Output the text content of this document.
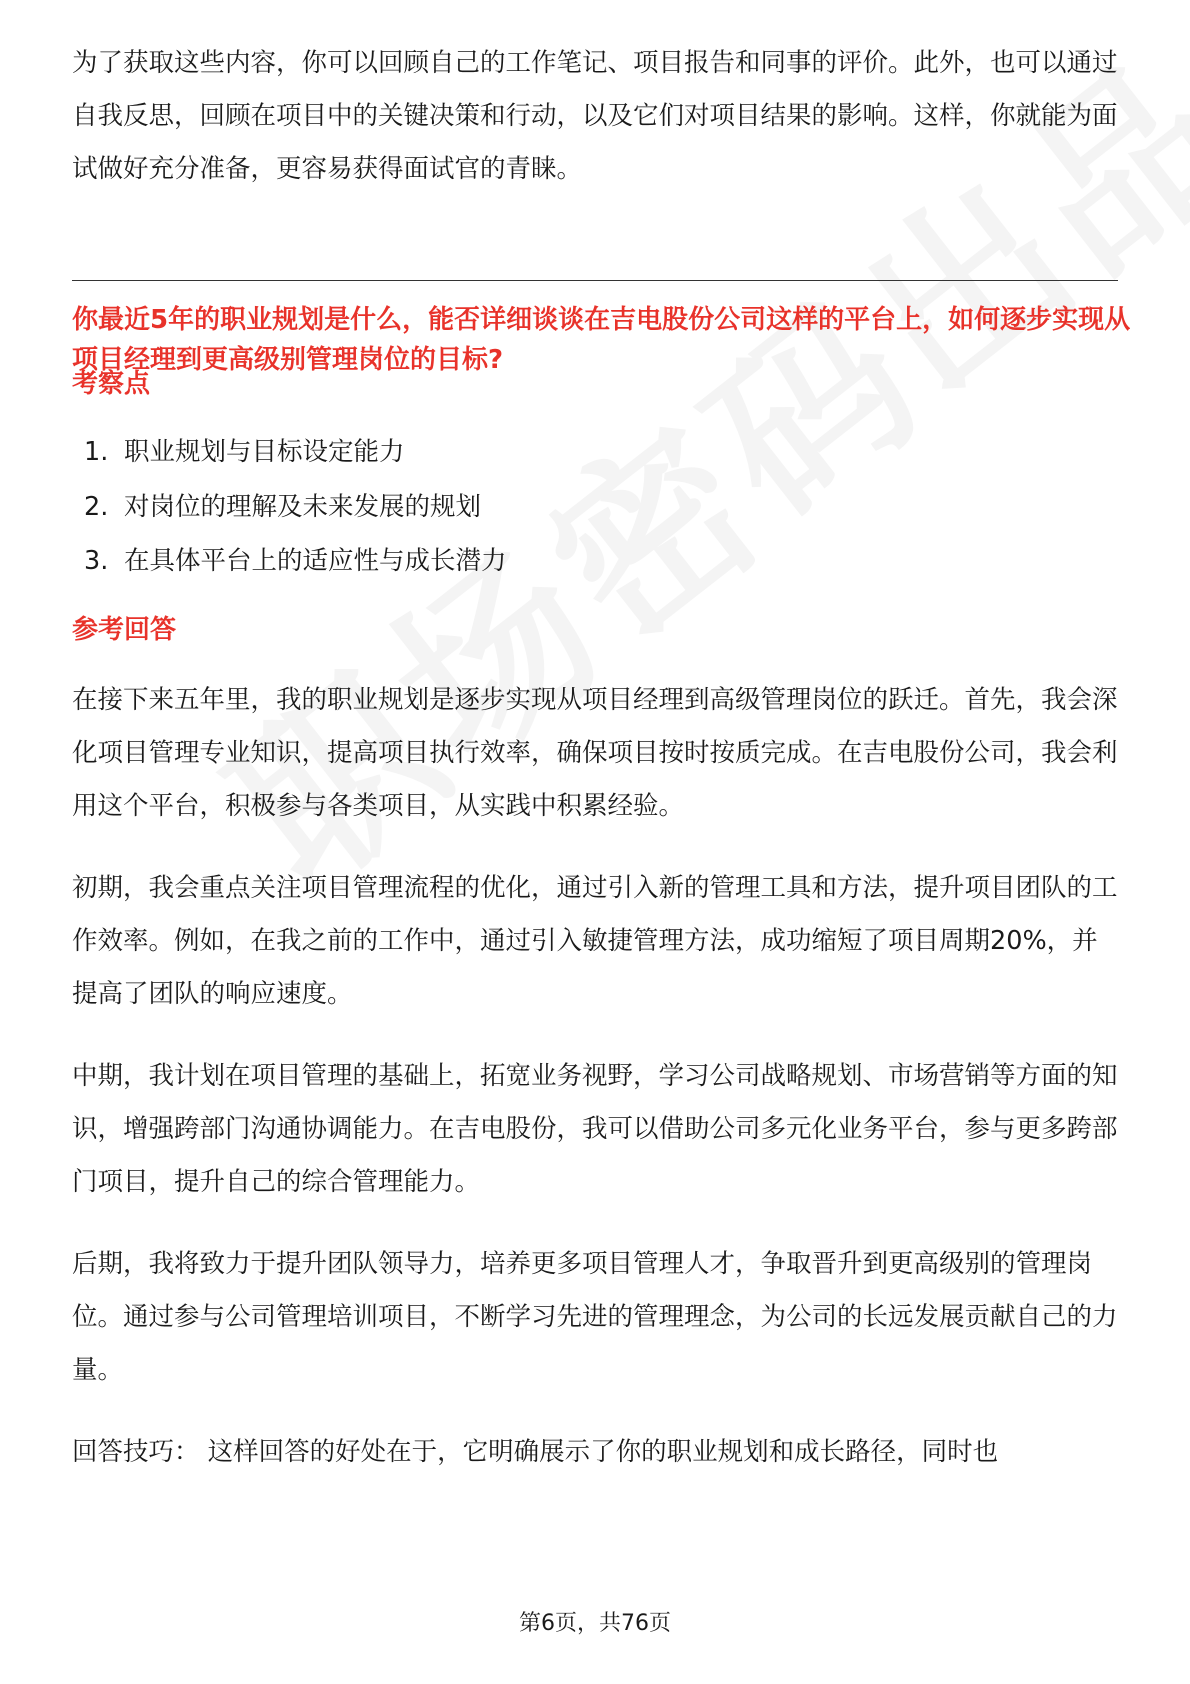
为了获取这些内容，你可以回顾自己的工作笔记、项目报告和同事的评价。此外，也可以通过自我反思，回顾在项目中的关键决策和行动，以及它们对项目结果的影响。这样，你就能为面试做好充分准备，更容易获得面试官的青睐。

你最近5年的职业规划是什么，能否详细谈谈在吉电股份公司这样的平台上，如何逐步实现从项目经理到更高级别管理岗位的目标?

考察点

1. 职业规划与目标设定能力

2. 对岗位的理解及未来发展的规划

3. 在具体平台上的适应性与成长潜力

参考回答

在接下来五年里，我的职业规划是逐步实现从项目经理到高级管理岗位的跃迁。首先，我会深化项目管理专业知识，提高项目执行效率，确保项目按时按质完成。在吉电股份公司，我会利用这个平台，积极参与各类项目，从实践中积累经验。

初期，我会重点关注项目管理流程的优化，通过引入新的管理工具和方法，提升项目团队的工作效率。例如，在我之前的工作中，通过引入敏捷管理方法，成功缩短了项目周期20%，并提高了团队的响应速度。

中期，我计划在项目管理的基础上，拓宽业务视野，学习公司战略规划、市场营销等方面的知识，增强跨部门沟通协调能力。在吉电股份，我可以借助公司多元化业务平台，参与更多跨部门项目，提升自己的综合管理能力。

后期，我将致力于提升团队领导力，培养更多项目管理人才，争取晋升到更高级别的管理岗位。通过参与公司管理培训项目，不断学习先进的管理理念，为公司的长远发展贡献自己的力量。

回答技巧： 这样回答的好处在于，它明确展示了你的职业规划和成长路径，同时也

第6页，共76页
